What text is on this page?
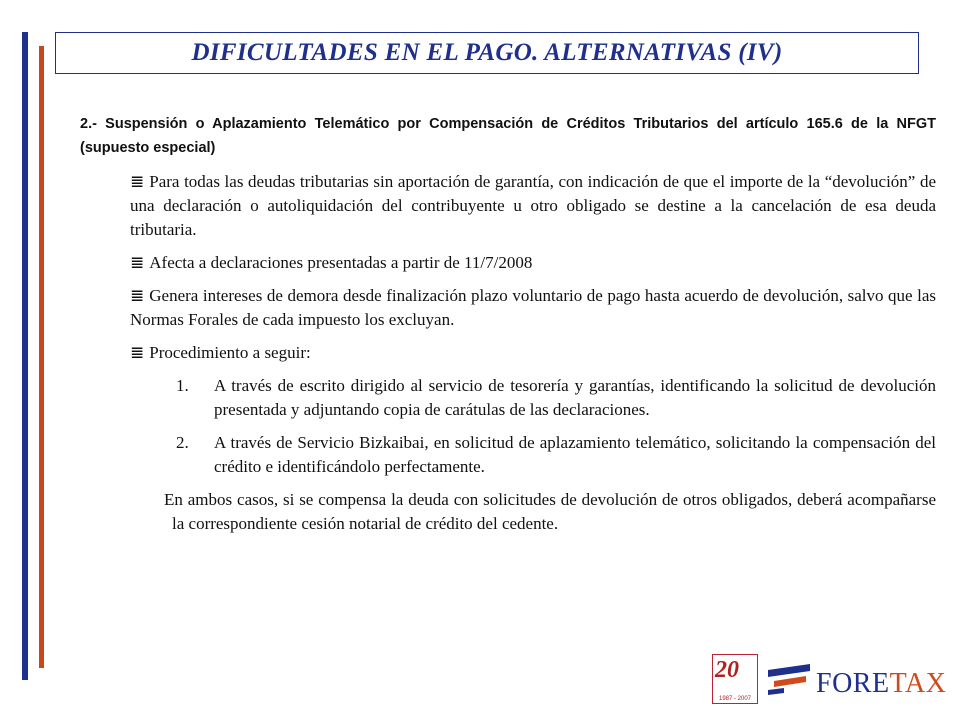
DIFICULTADES EN EL PAGO. ALTERNATIVAS (IV)

2.- Suspensión o Aplazamiento Telemático por Compensación de Créditos Tributarios del artículo 165.6 de la NFGT (supuesto especial)

≣ Para todas las deudas tributarias sin aportación de garantía, con indicación de que el importe de la “devolución” de una declaración o autoliquidación del contribuyente u otro obligado se destine a la cancelación de esa deuda tributaria.

≣ Afecta a declaraciones presentadas a partir de 11/7/2008

≣ Genera intereses de demora desde finalización plazo voluntario de pago hasta acuerdo de devolución, salvo que las Normas Forales de cada impuesto los excluyan.

≣ Procedimiento a seguir:

1. A través de escrito dirigido al servicio de tesorería y garantías, identificando la solicitud de devolución presentada y adjuntando copia de carátulas de las declaraciones.
2. A través de Servicio Bizkaibai, en solicitud de aplazamiento telemático, solicitando la compensación del crédito e identificándolo perfectamente.

En ambos casos, si se compensa la deuda con solicitudes de devolución de otros obligados, deberá acompañarse la correspondiente cesión notarial de crédito del cedente.

20
1987 - 2007 FORETAX
